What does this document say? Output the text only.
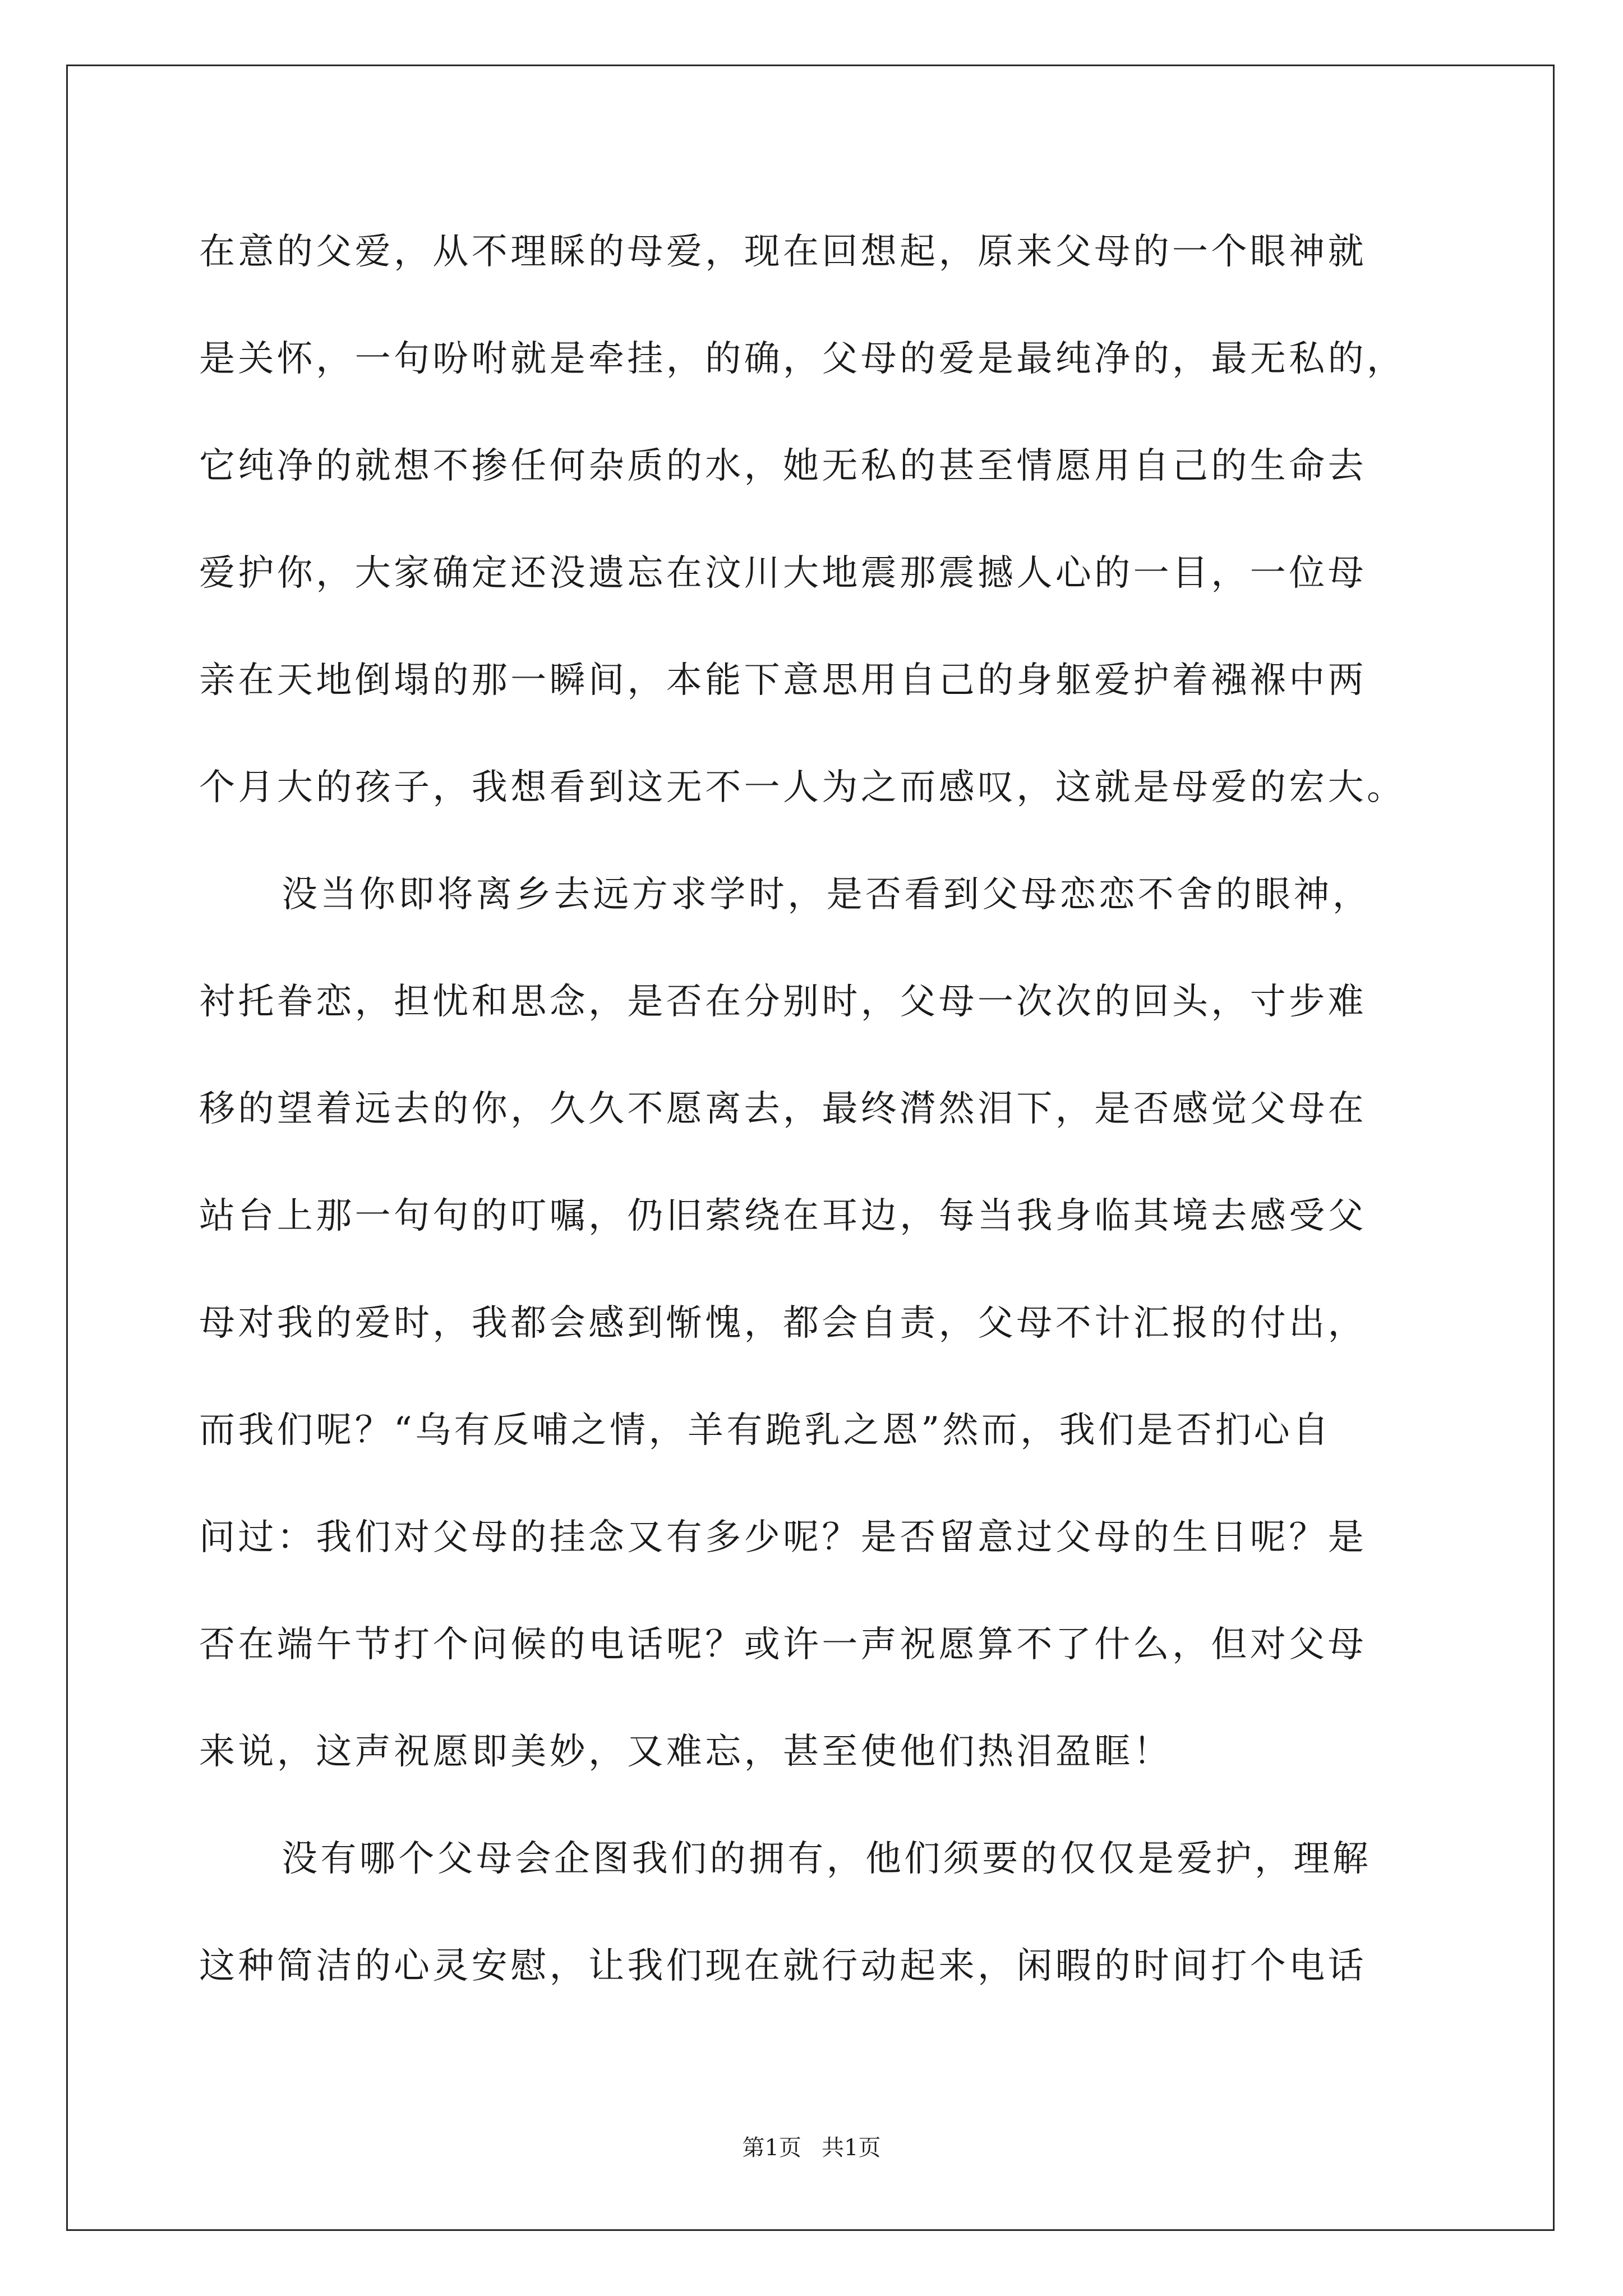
在意的父爱，从不理睬的母爱，现在回想起，原来父母的一个眼神就
是关怀，一句吩咐就是牵挂，的确，父母的爱是最纯净的，最无私的，
它纯净的就想不掺任何杂质的水，她无私的甚至情愿用自己的生命去
爱护你，大家确定还没遗忘在汶川大地震那震撼人心的一目，一位母
亲在天地倒塌的那一瞬间，本能下意思用自己的身躯爱护着襁褓中两
个月大的孩子，我想看到这无不一人为之而感叹，这就是母爱的宏大。
没当你即将离乡去远方求学时，是否看到父母恋恋不舍的眼神，
衬托眷恋，担忧和思念，是否在分别时，父母一次次的回头，寸步难
移的望着远去的你，久久不愿离去，最终潸然泪下，是否感觉父母在
站台上那一句句的叮嘱，仍旧萦绕在耳边，每当我身临其境去感受父
母对我的爱时，我都会感到惭愧，都会自责，父母不计汇报的付出，
而我们呢？“乌有反哺之情，羊有跪乳之恩”然而，我们是否扪心自
问过：我们对父母的挂念又有多少呢？是否留意过父母的生日呢？是
否在端午节打个问候的电话呢？或许一声祝愿算不了什么，但对父母
来说，这声祝愿即美妙，又难忘，甚至使他们热泪盈眶！
没有哪个父母会企图我们的拥有，他们须要的仅仅是爱护，理解
这种简洁的心灵安慰，让我们现在就行动起来，闲暇的时间打个电话
第1页 共1页
